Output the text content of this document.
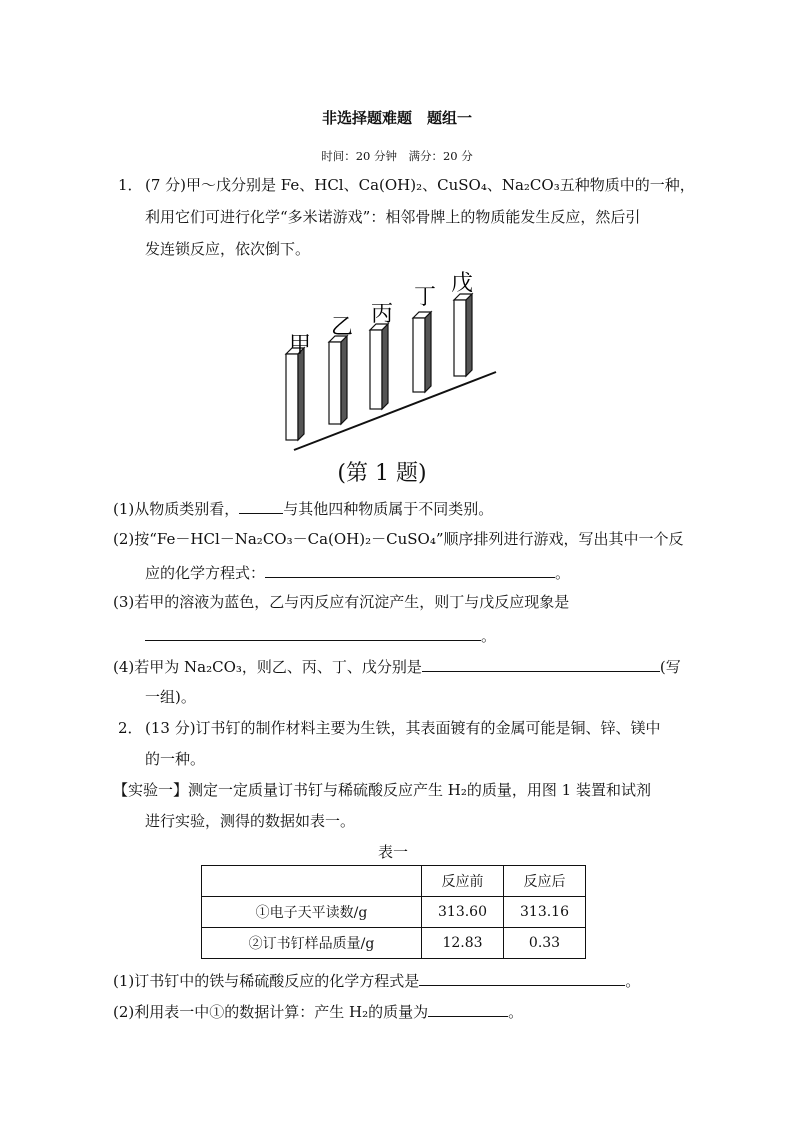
非选择题难题　题组一
时间：20 分钟　满分：20 分
1． (7 分)甲～戊分别是 Fe、HCl、Ca(OH)₂、CuSO₄、Na₂CO₃五种物质中的一种，
利用它们可进行化学“多米诺游戏”：相邻骨牌上的物质能发生反应，然后引
发连锁反应，依次倒下。
甲
乙
丙
丁
戊
(第 1 题)
(1)从物质类别看，	与其他四种物质属于不同类别。
(2)按“Fe－HCl－Na₂CO₃－Ca(OH)₂－CuSO₄”顺序排列进行游戏，写出其中一个反
应的化学方程式：	。
(3)若甲的溶液为蓝色，乙与丙反应有沉淀产生，则丁与戊反应现象是
。
(4)若甲为 Na₂CO₃，则乙、丙、丁、戊分别是	(写
一组)。
2． (13 分)订书钉的制作材料主要为生铁，其表面镀有的金属可能是铜、锌、镁中
的一种。
【实验一】测定一定质量订书钉与稀硫酸反应产生 H₂的质量，用图 1 装置和试剂
进行实验，测得的数据如表一。
表一
	反应前	反应后
①电子天平读数/g	313.60	313.16
②订书钉样品质量/g	12.83	0.33
(1)订书钉中的铁与稀硫酸反应的化学方程式是	。
(2)利用表一中①的数据计算：产生 H₂的质量为	。
